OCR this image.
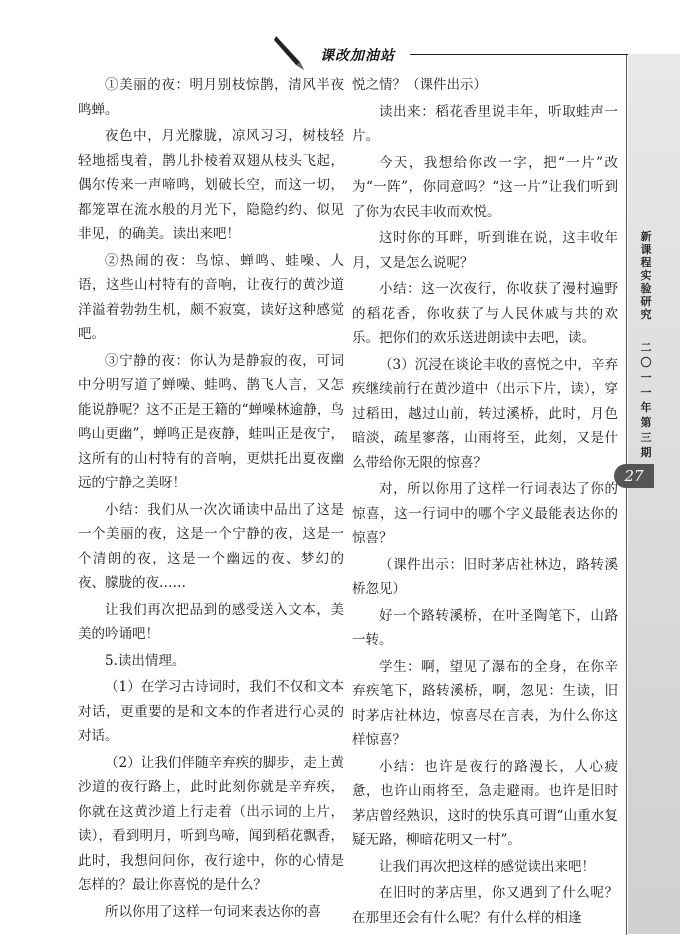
课改加油站
新课程实验研究
二〇一一年第三期
27

①美丽的夜：明月别枝惊鹊，清风半夜鸣蝉。

夜色中，月光朦胧，凉风习习，树枝轻轻地摇曳着，鹊儿扑棱着双翅从枝头飞起，偶尔传来一声啼鸣，划破长空，而这一切，都笼罩在流水般的月光下，隐隐约约、似见非见，的确美。读出来吧！

②热闹的夜：鸟惊、蝉鸣、蛙噪、人语，这些山村特有的音响，让夜行的黄沙道洋溢着勃勃生机，颇不寂寞，读好这种感觉吧。

③宁静的夜：你认为是静寂的夜，可词中分明写道了蝉噪、蛙鸣、鹊飞人言，又怎能说静呢？这不正是王籍的“蝉噪林逾静，鸟鸣山更幽”，蝉鸣正是夜静，蛙叫正是夜宁，这所有的山村特有的音响，更烘托出夏夜幽远的宁静之美呀！

小结：我们从一次次诵读中品出了这是一个美丽的夜，这是一个宁静的夜，这是一个清朗的夜，这是一个幽远的夜、梦幻的夜、朦胧的夜……

让我们再次把品到的感受送入文本，美美的吟诵吧！

5.读出情理。

（1）在学习古诗词时，我们不仅和文本对话，更重要的是和文本的作者进行心灵的对话。

（2）让我们伴随辛弃疾的脚步，走上黄沙道的夜行路上，此时此刻你就是辛弃疾，你就在这黄沙道上行走着（出示词的上片，读），看到明月，听到鸟啼，闻到稻花飘香，此时，我想问问你，夜行途中，你的心情是怎样的？最让你喜悦的是什么？

所以你用了这样一句词来表达你的喜

悦之情？（课件出示）

读出来：稻花香里说丰年，听取蛙声一片。

今天，我想给你改一字，把“一片”改为“一阵”，你同意吗？“这一片”让我们听到了你为农民丰收而欢悦。

这时你的耳畔，听到谁在说，这丰收年月，又是怎么说呢？

小结：这一次夜行，你收获了漫村遍野的稻花香，你收获了与人民休戚与共的欢乐。把你们的欢乐送进朗读中去吧，读。

（3）沉浸在谈论丰收的喜悦之中，辛弃疾继续前行在黄沙道中（出示下片，读），穿过稻田，越过山前，转过溪桥，此时，月色暗淡，疏星寥落，山雨将至，此刻，又是什么带给你无限的惊喜？

对，所以你用了这样一行词表达了你的惊喜，这一行词中的哪个字义最能表达你的惊喜？

（课件出示：旧时茅店社林边，路转溪桥忽见）

好一个路转溪桥，在叶圣陶笔下，山路一转。

学生：啊，望见了瀑布的全身，在你辛弃疾笔下，路转溪桥，啊，忽见：生读，旧时茅店社林边，惊喜尽在言表，为什么你这样惊喜？

小结：也许是夜行的路漫长，人心疲惫，也许山雨将至，急走避雨。也许是旧时茅店曾经熟识，这时的快乐真可谓“山重水复疑无路，柳暗花明又一村”。

让我们再次把这样的感觉读出来吧！

在旧时的茅店里，你又遇到了什么呢？在那里还会有什么呢？有什么样的相逢
